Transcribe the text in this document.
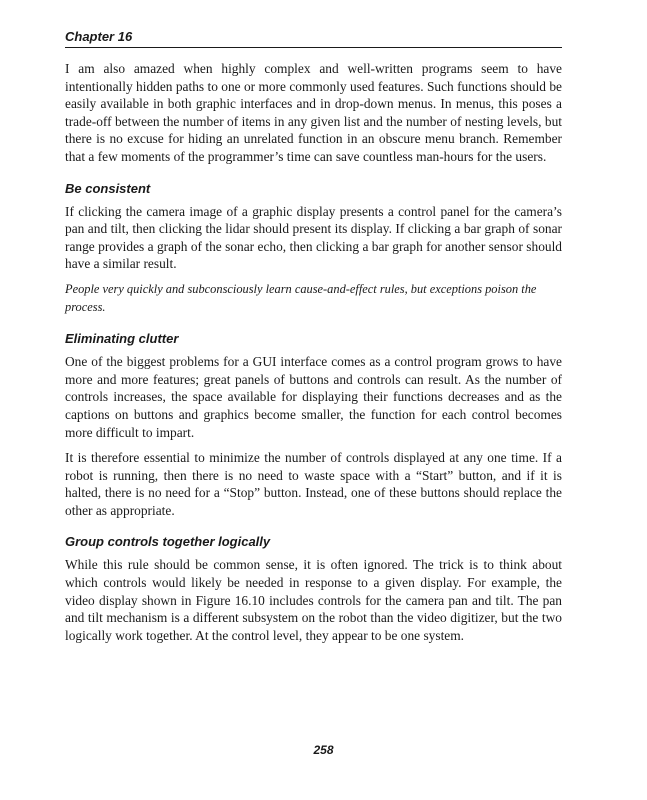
Chapter 16

I am also amazed when highly complex and well-written programs seem to have intentionally hidden paths to one or more commonly used features. Such functions should be easily available in both graphic interfaces and in drop-down menus. In menus, this poses a trade-off between the number of items in any given list and the number of nesting levels, but there is no excuse for hiding an unrelated function in an obscure menu branch. Remember that a few moments of the programmer’s time can save countless man-hours for the users.

Be consistent

If clicking the camera image of a graphic display presents a control panel for the camera’s pan and tilt, then clicking the lidar should present its display. If clicking a bar graph of sonar range provides a graph of the sonar echo, then clicking a bar graph for another sensor should have a similar result.

People very quickly and subconsciously learn cause-and-effect rules, but exceptions poison the process.

Eliminating clutter

One of the biggest problems for a GUI interface comes as a control program grows to have more and more features; great panels of buttons and controls can result. As the number of controls increases, the space available for displaying their functions decreases and as the captions on buttons and graphics become smaller, the function for each control becomes more difficult to impart.

It is therefore essential to minimize the number of controls displayed at any one time. If a robot is running, then there is no need to waste space with a “Start” button, and if it is halted, there is no need for a “Stop” button. Instead, one of these buttons should replace the other as appropriate.

Group controls together logically

While this rule should be common sense, it is often ignored. The trick is to think about which controls would likely be needed in response to a given display. For example, the video display shown in Figure 16.10 includes controls for the camera pan and tilt. The pan and tilt mechanism is a different subsystem on the robot than the video digitizer, but the two logically work together. At the control level, they appear to be one system.

258
